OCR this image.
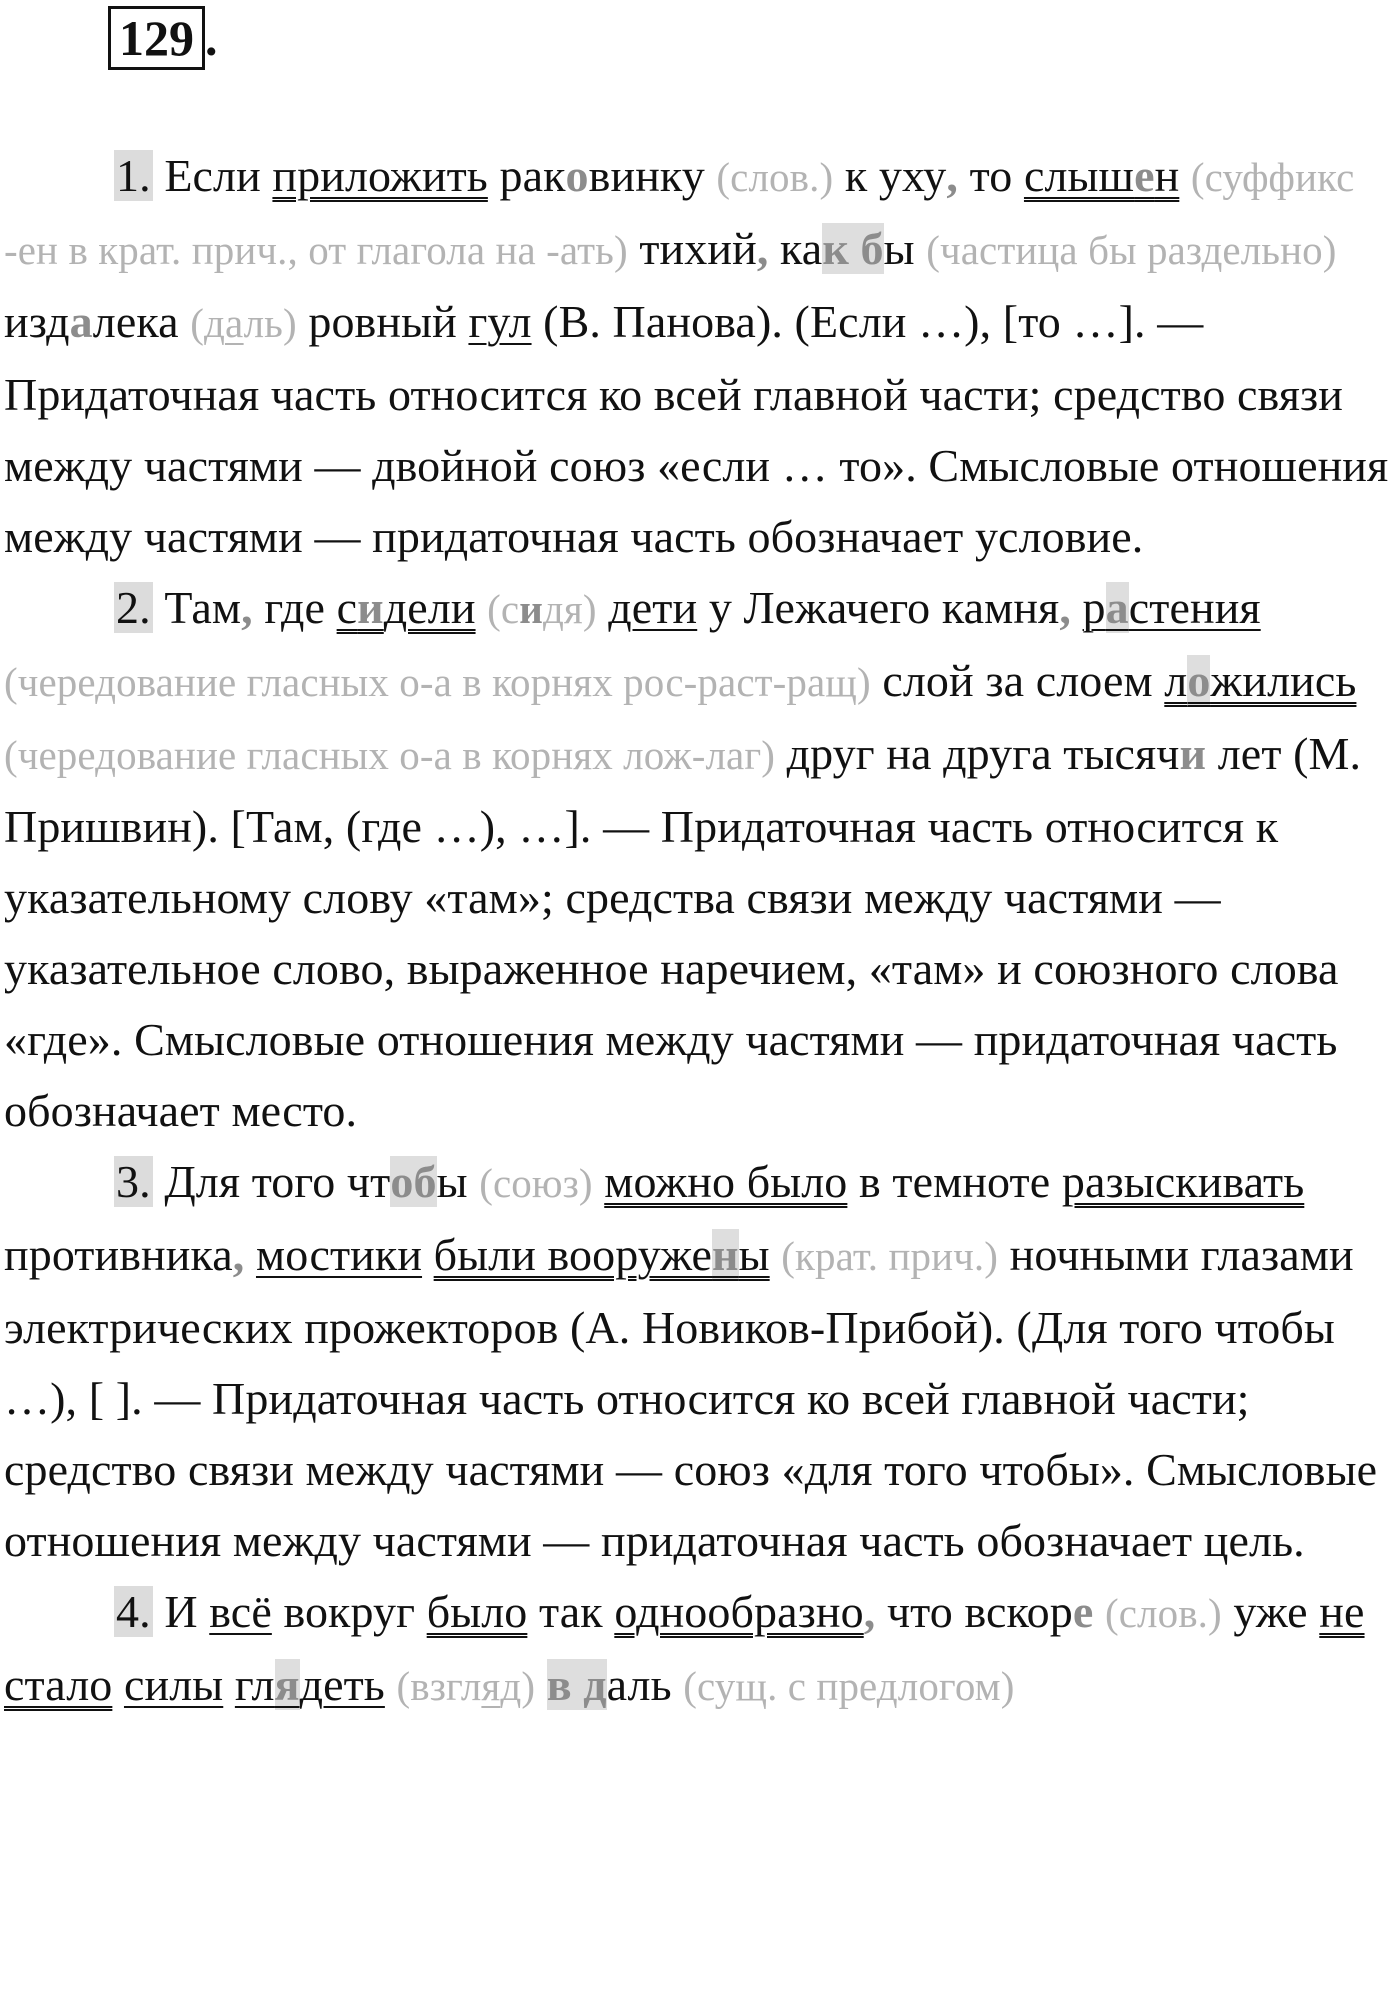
129 .

1. Если приложить раковинку (слов.) к уху, то слышен (суффикс -ен в крат. прич., от глагола на -ать) тихий, как бы (частица бы раздельно) издалека (даль) ровный гул (В. Панова). (Если …), [то …]. — Придаточная часть относится ко всей главной части; средство связи между частями — двойной союз «если … то». Смысловые отношения между частями — придаточная часть обозначает условие.

2. Там, где сидели (сидя) дети у Лежачего камня, растения (чередование гласных о-а в корнях рос-раст-ращ) слой за слоем ложились (чередование гласных о-а в корнях лож-лаг) друг на друга тысячи лет (М. Пришвин). [Там, (где …), …]. — Придаточная часть относится к указательному слову «там»; средства связи между частями — указательное слово, выраженное наречием, «там» и союзного слова «где». Смысловые отношения между частями — придаточная часть обозначает место.

3. Для того чтобы (союз) можно было в темноте разыскивать противника, мостики были вооружены (крат. прич.) ночными глазами электрических прожекторов (А. Новиков-Прибой). (Для того чтобы …), [ ]. — Придаточная часть относится ко всей главной части; средство связи между частями — союз «для того чтобы». Смысловые отношения между частями — придаточная часть обозначает цель.

4. И всё вокруг было так однообразно, что вскоре (слов.) уже не стало силы глядеть (взгляд) в даль (сущ. с предлогом)
